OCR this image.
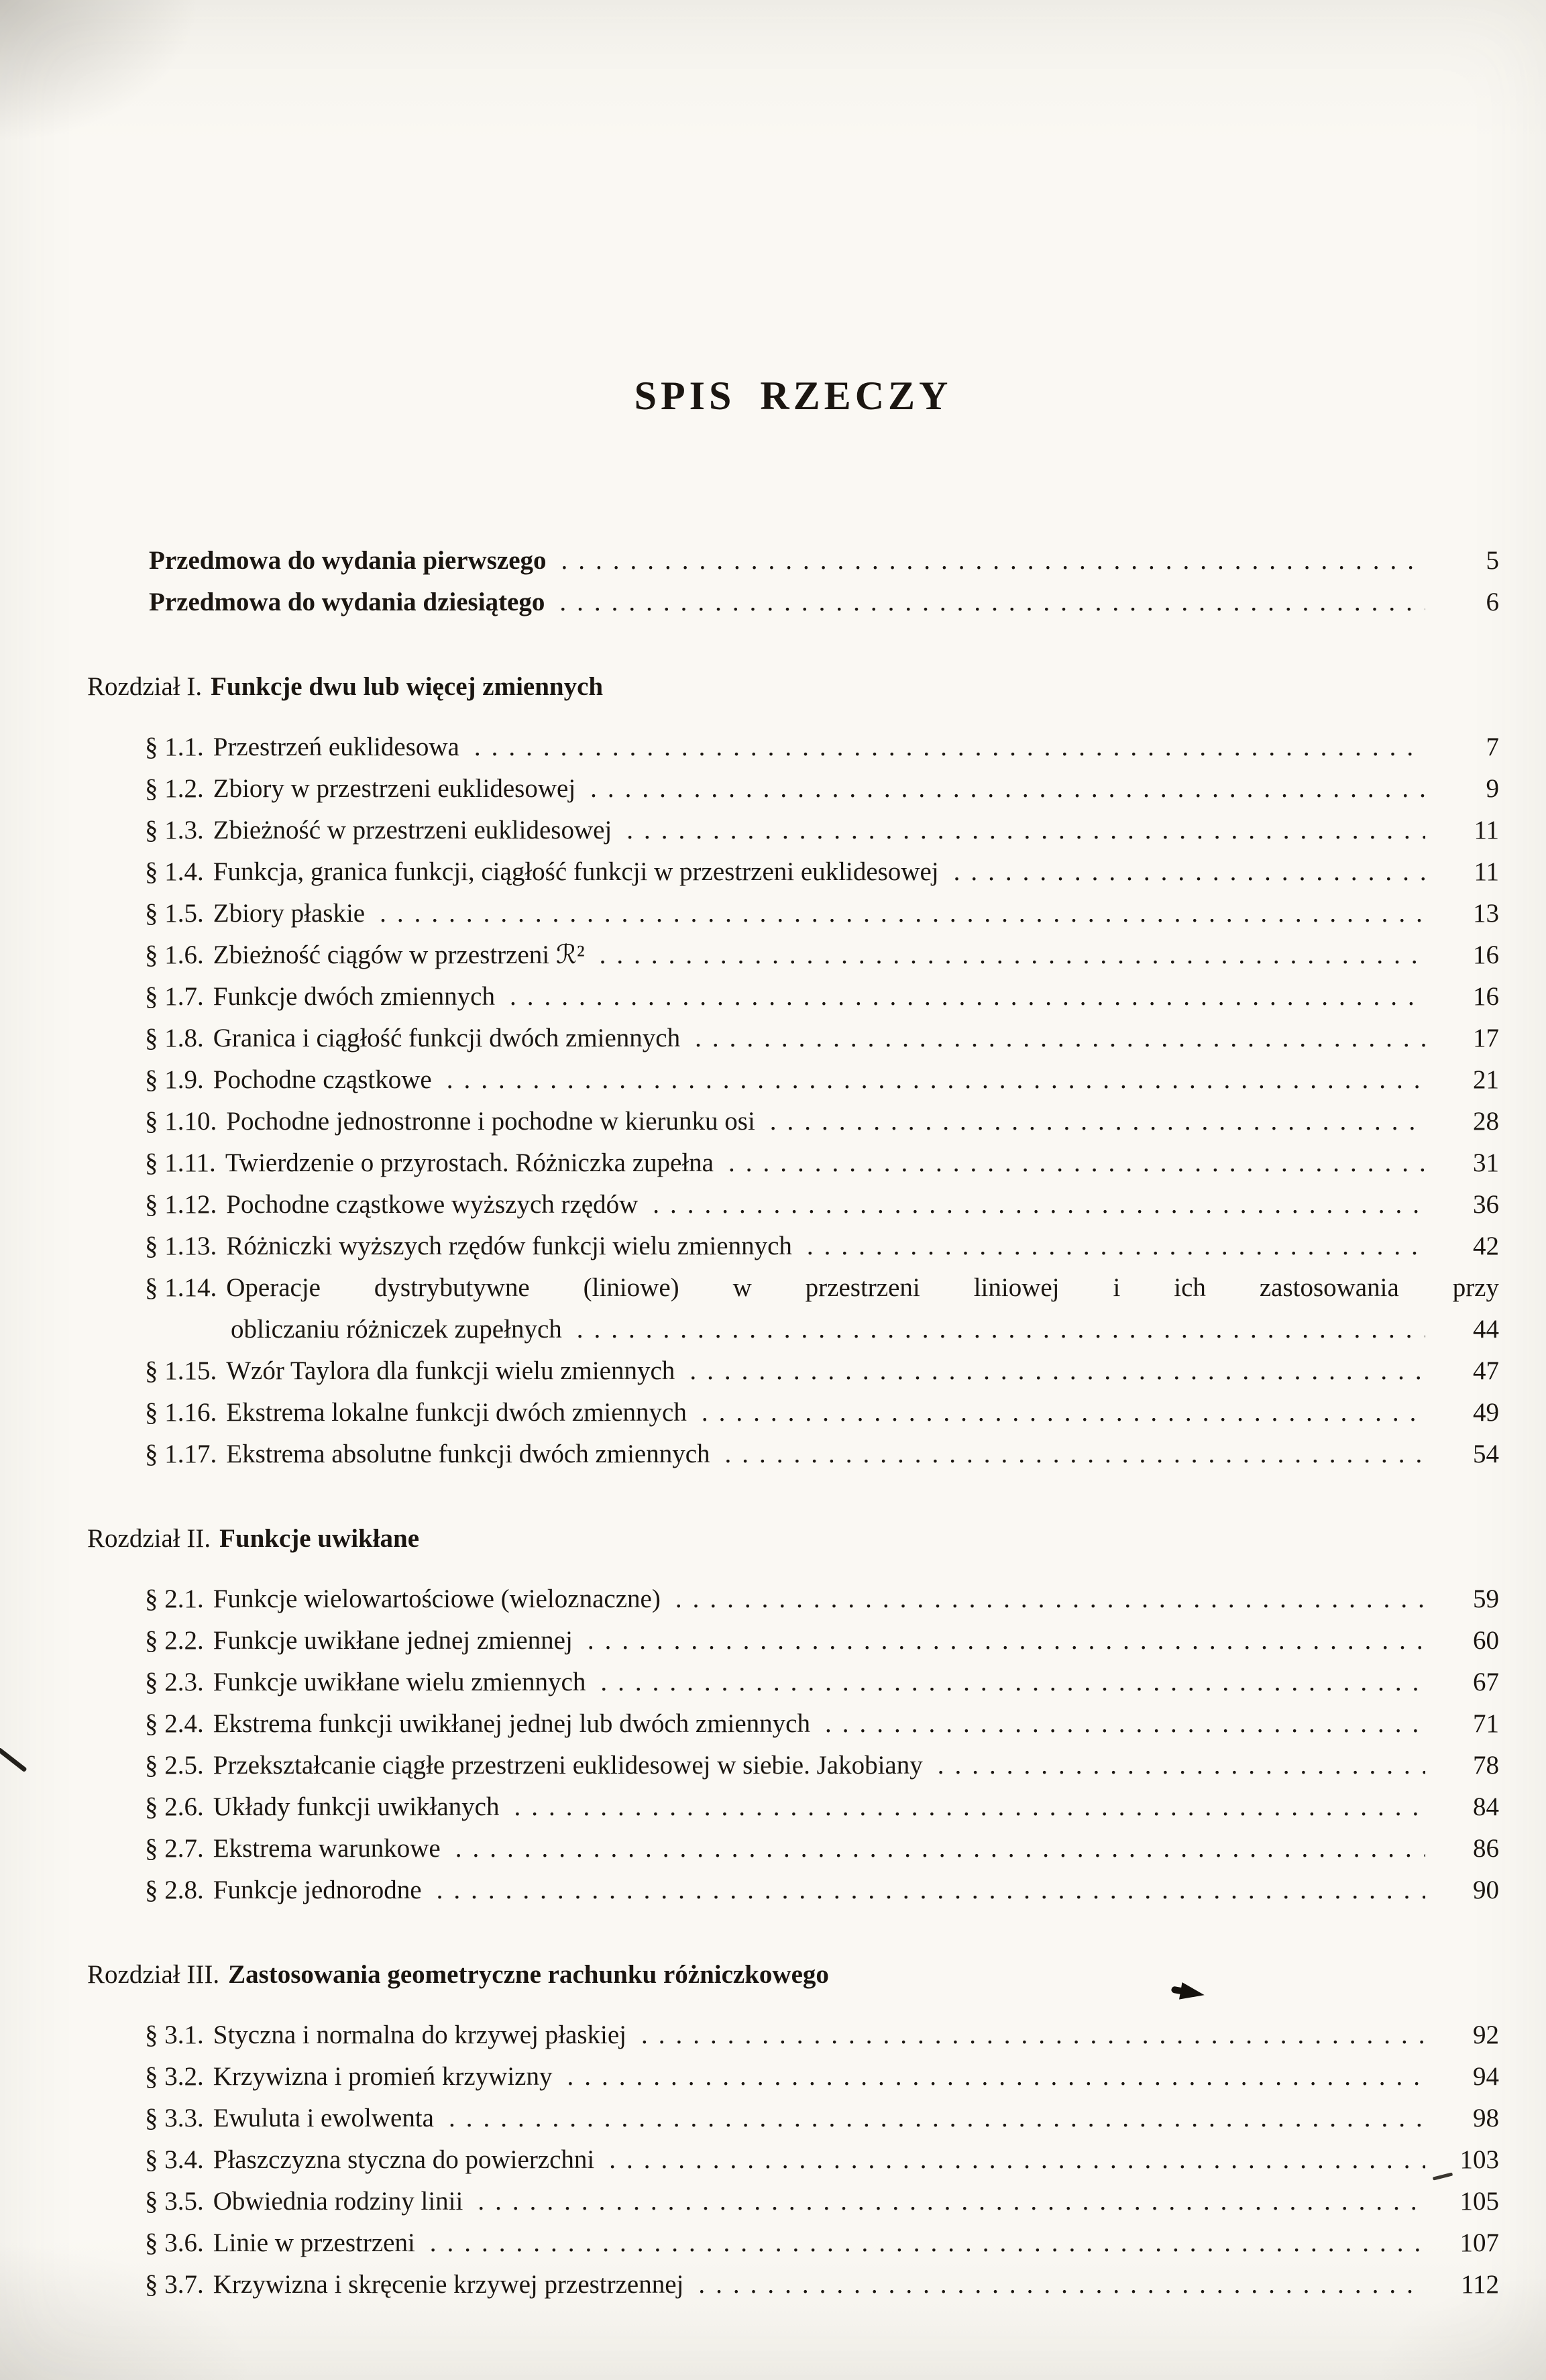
SPIS RZECZY
Przedmowa do wydania pierwszego .....	5
Przedmowa do wydania dziesiątego .....	6
Rozdział I. Funkcje dwu lub więcej zmiennych
§ 1.1. Przestrzeń euklidesowa .....	7
§ 1.2. Zbiory w przestrzeni euklidesowej .....	9
§ 1.3. Zbieżność w przestrzeni euklidesowej .....	11
§ 1.4. Funkcja, granica funkcji, ciągłość funkcji w przestrzeni euklidesowej .....	11
§ 1.5. Zbiory płaskie .....	13
§ 1.6. Zbieżność ciągów w przestrzeni ℛ² .....	16
§ 1.7. Funkcje dwóch zmiennych .....	16
§ 1.8. Granica i ciągłość funkcji dwóch zmiennych .....	17
§ 1.9. Pochodne cząstkowe .....	21
§ 1.10. Pochodne jednostronne i pochodne w kierunku osi .....	28
§ 1.11. Twierdzenie o przyrostach. Różniczka zupełna .....	31
§ 1.12. Pochodne cząstkowe wyższych rzędów .....	36
§ 1.13. Różniczki wyższych rzędów funkcji wielu zmiennych .....	42
§ 1.14. Operacje dystrybutywne (liniowe) w przestrzeni liniowej i ich zastosowania przy
obliczaniu różniczek zupełnych .....	44
§ 1.15. Wzór Taylora dla funkcji wielu zmiennych .....	47
§ 1.16. Ekstrema lokalne funkcji dwóch zmiennych .....	49
§ 1.17. Ekstrema absolutne funkcji dwóch zmiennych .....	54
Rozdział II. Funkcje uwikłane
§ 2.1. Funkcje wielowartościowe (wieloznaczne) .....	59
§ 2.2. Funkcje uwikłane jednej zmiennej .....	60
§ 2.3. Funkcje uwikłane wielu zmiennych .....	67
§ 2.4. Ekstrema funkcji uwikłanej jednej lub dwóch zmiennych .....	71
§ 2.5. Przekształcanie ciągłe przestrzeni euklidesowej w siebie. Jakobiany .....	78
§ 2.6. Układy funkcji uwikłanych .....	84
§ 2.7. Ekstrema warunkowe .....	86
§ 2.8. Funkcje jednorodne .....	90
Rozdział III. Zastosowania geometryczne rachunku różniczkowego
§ 3.1. Styczna i normalna do krzywej płaskiej .....	92
§ 3.2. Krzywizna i promień krzywizny .....	94
§ 3.3. Ewuluta i ewolwenta .....	98
§ 3.4. Płaszczyzna styczna do powierzchni .....	103
§ 3.5. Obwiednia rodziny linii .....	105
§ 3.6. Linie w przestrzeni .....	107
§ 3.7. Krzywizna i skręcenie krzywej przestrzennej .....	112
